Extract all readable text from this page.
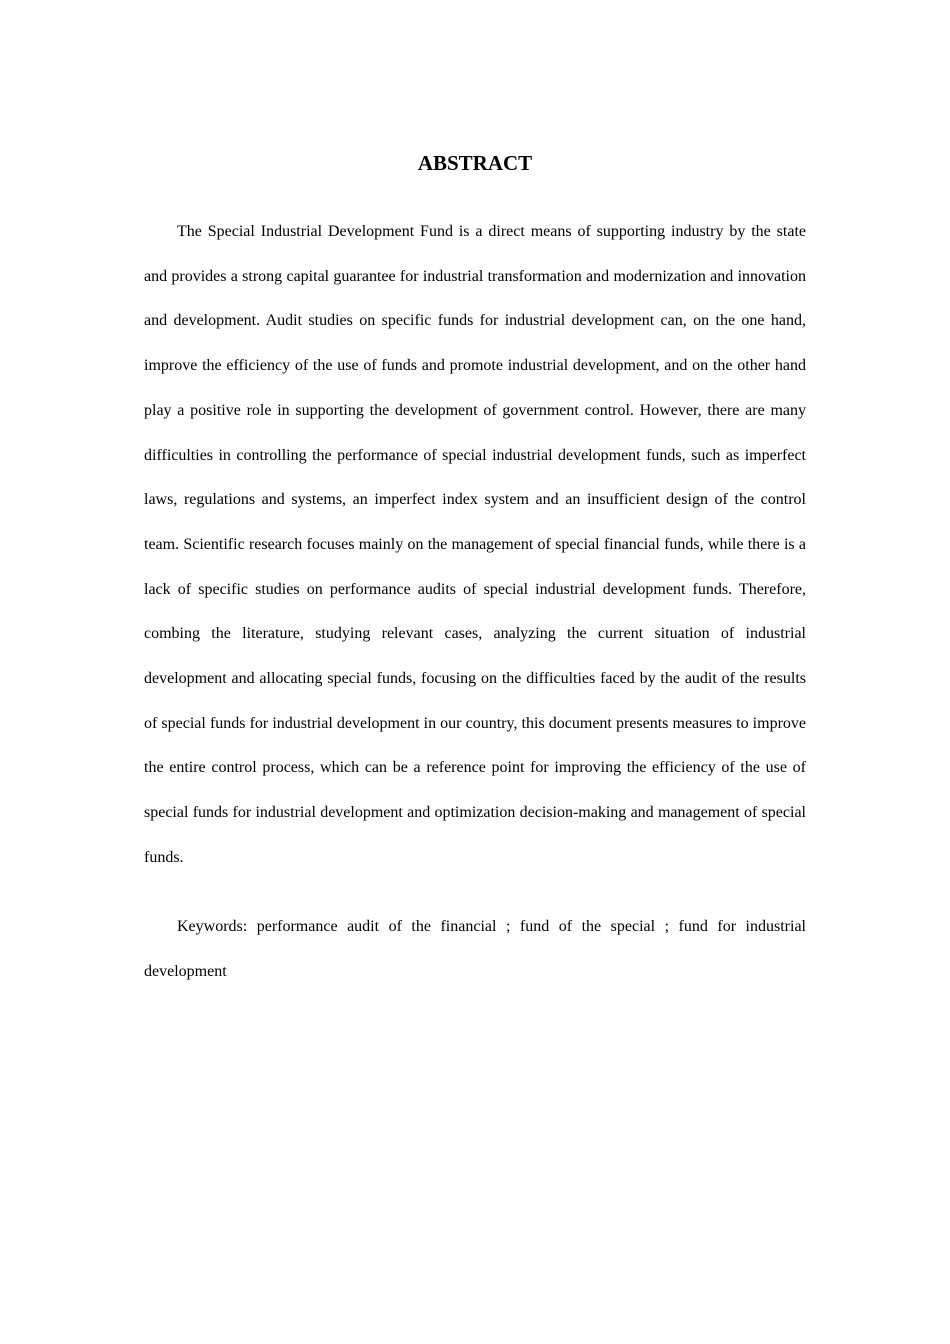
ABSTRACT

The Special Industrial Development Fund is a direct means of supporting industry by the state and provides a strong capital guarantee for industrial transformation and modernization and innovation and development. Audit studies on specific funds for industrial development can, on the one hand, improve the efficiency of the use of funds and promote industrial development, and on the other hand play a positive role in supporting the development of government control. However, there are many difficulties in controlling the performance of special industrial development funds, such as imperfect laws, regulations and systems, an imperfect index system and an insufficient design of the control team. Scientific research focuses mainly on the management of special financial funds, while there is a lack of specific studies on performance audits of special industrial development funds. Therefore, combing the literature, studying relevant cases, analyzing the current situation of industrial development and allocating special funds, focusing on the difficulties faced by the audit of the results of special funds for industrial development in our country, this document presents measures to improve the entire control process, which can be a reference point for improving the efficiency of the use of special funds for industrial development and optimization decision-making and management of special funds.

Keywords: performance audit of the financial ; fund of the special ; fund for industrial development
